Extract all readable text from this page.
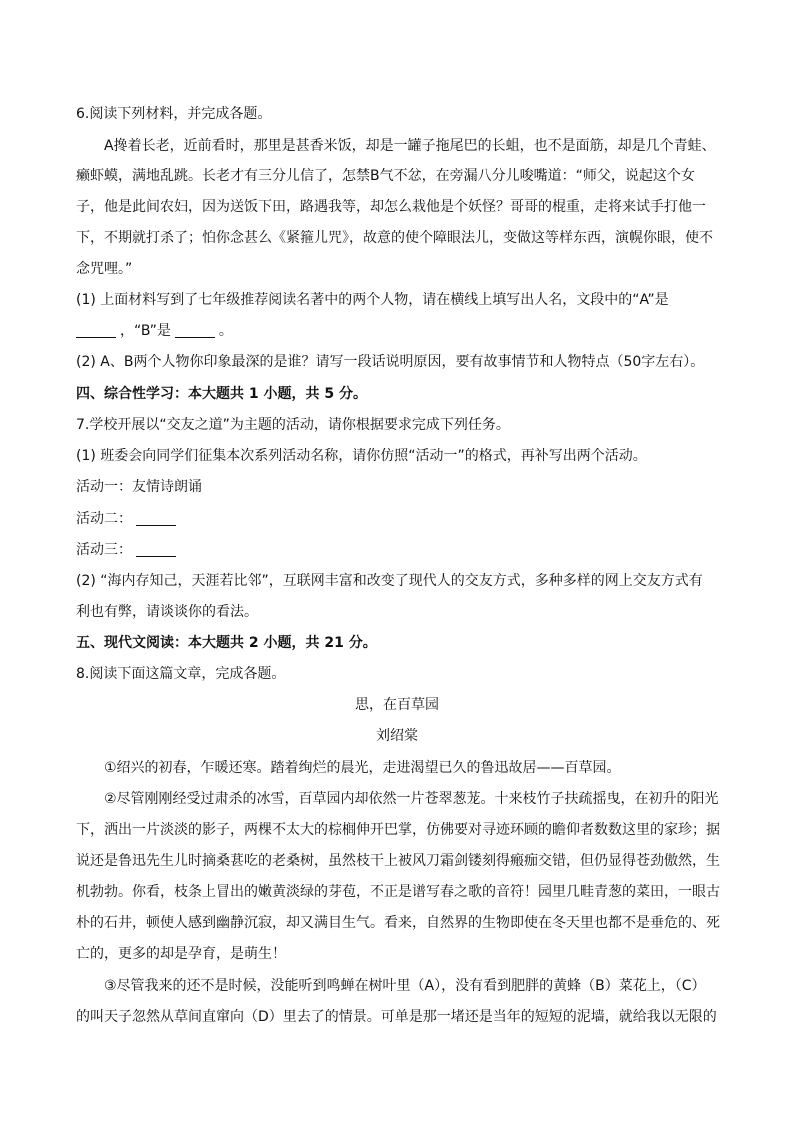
6.阅读下列材料，并完成各题。
A搀着长老，近前看时，那里是甚香米饭，却是一罐子拖尾巴的长蛆，也不是面筋，却是几个青蛙、
癞虾蟆，满地乱跳。长老才有三分儿信了，怎禁B气不忿，在旁漏八分儿唆嘴道：“师父，说起这个女
子，他是此间农妇，因为送饭下田，路遇我等，却怎么栽他是个妖怪？哥哥的棍重，走将来试手打他一
下，不期就打杀了；怕你念甚么《紧箍儿咒》，故意的使个障眼法儿，变做这等样东西，演幌你眼，使不
念咒哩。”
(1) 上面材料写到了七年级推荐阅读名著中的两个人物，请在横线上填写出人名，文段中的“A”是
，“B”是	。
(2) A、B两个人物你印象最深的是谁？请写一段话说明原因，要有故事情节和人物特点（50字左右）。
四、综合性学习：本大题共 1 小题，共 5 分。
7.学校开展以“交友之道”为主题的活动，请你根据要求完成下列任务。
(1) 班委会向同学们征集本次系列活动名称，请你仿照“活动一”的格式，再补写出两个活动。
活动一：友情诗朗诵
活动二：
活动三：
(2) “海内存知己，天涯若比邻”，互联网丰富和改变了现代人的交友方式，多种多样的网上交友方式有
利也有弊，请谈谈你的看法。
五、现代文阅读：本大题共 2 小题，共 21 分。
8.阅读下面这篇文章，完成各题。
思，在百草园
刘绍棠
①绍兴的初春，乍暖还寒。踏着绚烂的晨光，走进渴望已久的鲁迅故居——百草园。
②尽管刚刚经受过肃杀的冰雪，百草园内却依然一片苍翠葱茏。十来枝竹子扶疏摇曳，在初升的阳光
下，洒出一片淡淡的影子，两棵不太大的棕榈伸开巴掌，仿佛要对寻迹环顾的瞻仰者数数这里的家珍；据
说还是鲁迅先生儿时摘桑葚吃的老桑树，虽然枝干上被风刀霜剑镂刻得瘢痂交错，但仍显得苍劲傲然，生
机勃勃。你看，枝条上冒出的嫩黄淡绿的芽苞，不正是谱写春之歌的音符！园里几畦青葱的菜田，一眼古
朴的石井，顿使人感到幽静沉寂，却又满目生气。看来，自然界的生物即使在冬天里也都不是垂危的、死
亡的，更多的却是孕育，是萌生！
③尽管我来的还不是时候，没能听到鸣蝉在树叶里（A），没有看到肥胖的黄蜂（B）菜花上，（C）
的叫天子忽然从草间直窜向（D）里去了的情景。可单是那一堵还是当年的短短的泥墙，就给我以无限的
